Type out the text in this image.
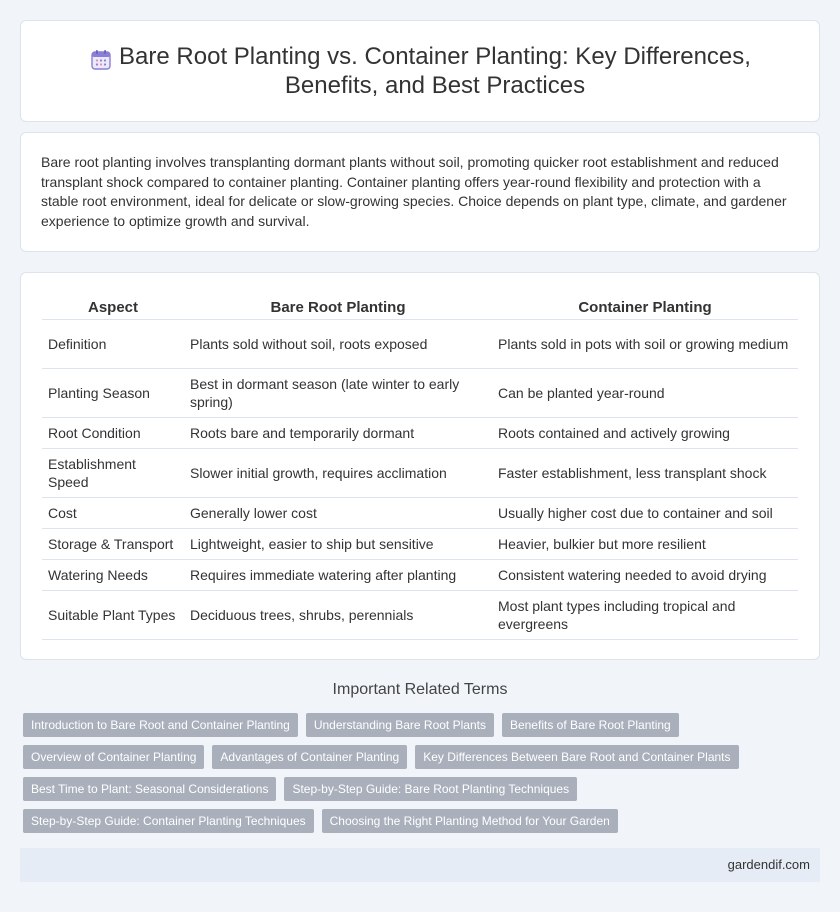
Bare Root Planting vs. Container Planting: Key Differences, Benefits, and Best Practices

Bare root planting involves transplanting dormant plants without soil, promoting quicker root establishment and reduced transplant shock compared to container planting. Container planting offers year-round flexibility and protection with a stable root environment, ideal for delicate or slow-growing species. Choice depends on plant type, climate, and gardener experience to optimize growth and survival.

Aspect	Bare Root Planting	Container Planting
Definition	Plants sold without soil, roots exposed	Plants sold in pots with soil or growing medium
Planting Season	Best in dormant season (late winter to early spring)	Can be planted year-round
Root Condition	Roots bare and temporarily dormant	Roots contained and actively growing
Establishment Speed	Slower initial growth, requires acclimation	Faster establishment, less transplant shock
Cost	Generally lower cost	Usually higher cost due to container and soil
Storage & Transport	Lightweight, easier to ship but sensitive	Heavier, bulkier but more resilient
Watering Needs	Requires immediate watering after planting	Consistent watering needed to avoid drying
Suitable Plant Types	Deciduous trees, shrubs, perennials	Most plant types including tropical and evergreens
Important Related Terms
Introduction to Bare Root and Container Planting	Understanding Bare Root Plants	Benefits of Bare Root Planting
Overview of Container Planting	Advantages of Container Planting	Key Differences Between Bare Root and Container Plants
Best Time to Plant: Seasonal Considerations	Step-by-Step Guide: Bare Root Planting Techniques
Step-by-Step Guide: Container Planting Techniques	Choosing the Right Planting Method for Your Garden
gardendif.com
